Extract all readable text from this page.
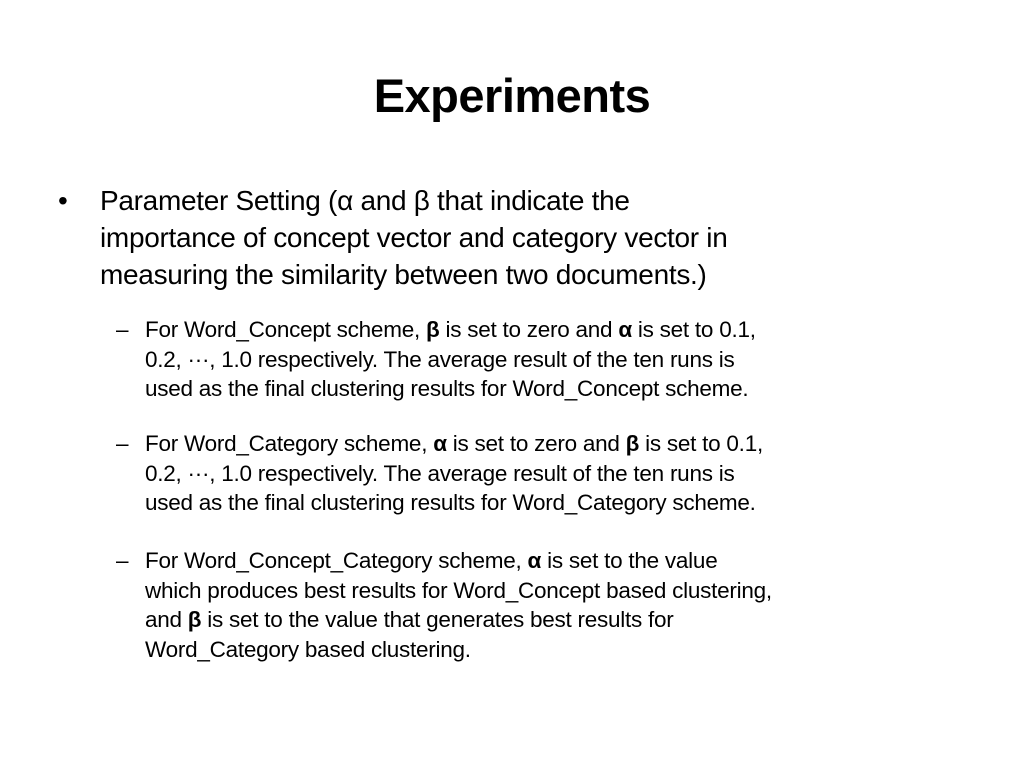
Experiments
•	Parameter Setting (α and β that indicate the
importance of concept vector and category vector in
measuring the similarity between two documents.)
– For Word_Concept scheme, β is set to zero and α is set to 0.1,
0.2, ···, 1.0 respectively. The average result of the ten runs is
used as the final clustering results for Word_Concept scheme.
– For Word_Category scheme, α is set to zero and β is set to 0.1,
0.2, ···, 1.0 respectively. The average result of the ten runs is
used as the final clustering results for Word_Category scheme.
– For Word_Concept_Category scheme, α is set to the value
which produces best results for Word_Concept based clustering,
and β is set to the value that generates best results for
Word_Category based clustering.
